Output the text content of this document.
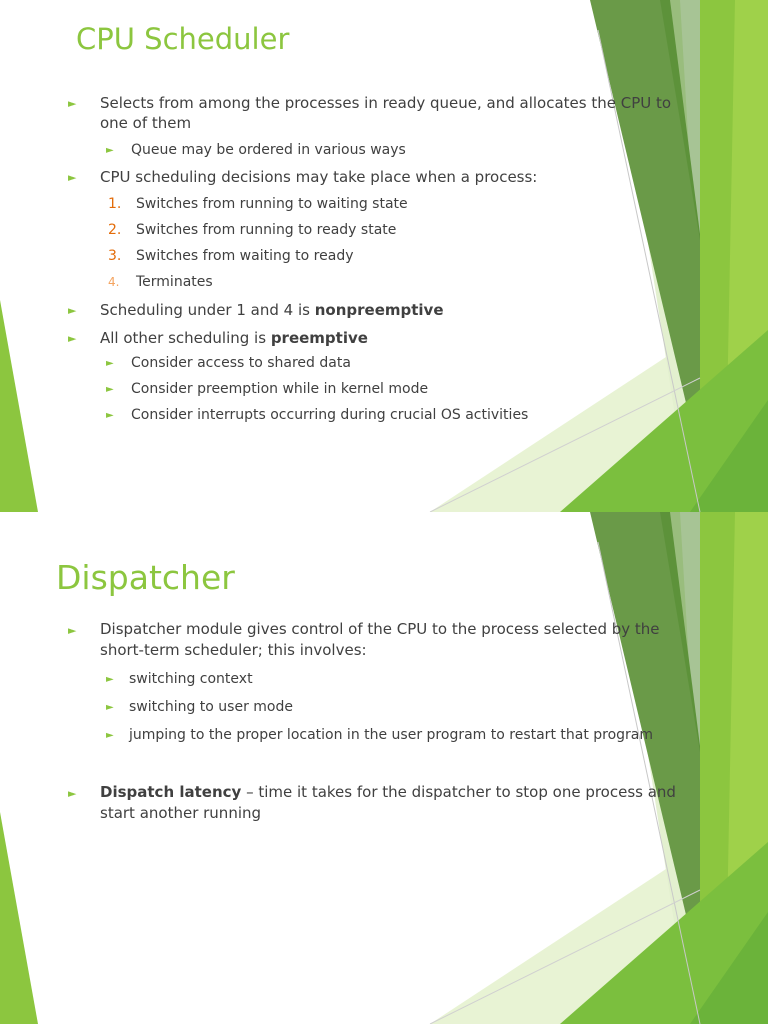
CPU Scheduler
► Selects from among the processes in ready queue, and allocates the CPU to one of them
► Queue may be ordered in various ways
► CPU scheduling decisions may take place when a process:
1. Switches from running to waiting state
2. Switches from running to ready state
3. Switches from waiting to ready
4. Terminates
► Scheduling under 1 and 4 is nonpreemptive
► All other scheduling is preemptive
► Consider access to shared data
► Consider preemption while in kernel mode
► Consider interrupts occurring during crucial OS activities
Dispatcher
► Dispatcher module gives control of the CPU to the process selected by the short-term scheduler; this involves:
► switching context
► switching to user mode
► jumping to the proper location in the user program to restart that program
► Dispatch latency – time it takes for the dispatcher to stop one process and start another running
